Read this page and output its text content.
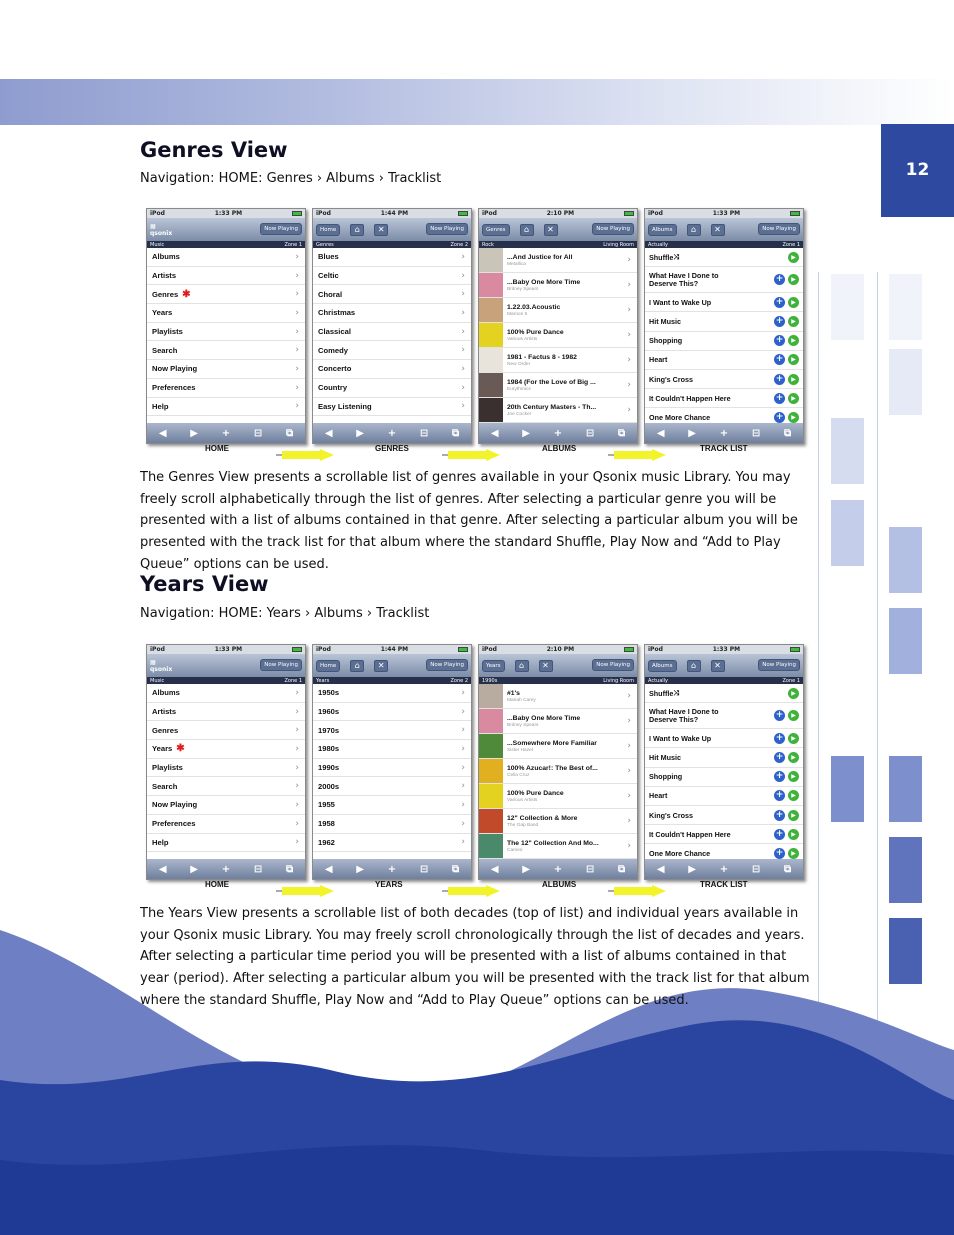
12
Genres View
Navigation: HOME: Genres › Albums › Tracklist
iPod	1:33 PM
▦
qsonix
Now Playing
Music	Zone 1
Albums	›
Artists	›
Genres ✱	›
Years	›
Playlists	›
Search	›
Now Playing	›
Preferences	›
Help	›
◀ ▶ + ⊟ ⧉
iPod	1:44 PM
Home	⌂	✕	Now Playing
Genres	Zone 2
Blues	›
Celtic	›
Choral	›
Christmas	›
Classical	›
Comedy	›
Concerto	›
Country	›
Easy Listening	›
◀ ▶ + ⊟ ⧉
iPod	2:10 PM
Genres	⌂	✕	Now Playing
Rock	Living Room
...And Justice for All
Metallica	›
...Baby One More Time
Britney Spears	›
1.22.03.Acoustic
Maroon 5	›
100% Pure Dance
Various Artists	›
1981 - Factus 8 - 1982
New Order	›
1984 (For the Love of Big ...
Eurythmics	›
20th Century Masters - Th...
Joe Cocker	›
◀ ▶ + ⊟ ⧉
iPod	1:33 PM
Albums	⌂	✕	Now Playing
Actually	Zone 1
Shuffle ⤨	▶
What Have I Done to Deserve This?	+	▶
I Want to Wake Up	+	▶
Hit Music	+	▶
Shopping	+	▶
Heart	+	▶
King's Cross	+	▶
It Couldn't Happen Here	+	▶
One More Chance	+	▶
◀ ▶ + ⊟ ⧉
HOME	GENRES	ALBUMS	TRACK LIST
The Genres View presents a scrollable list of genres available in your Qsonix music Library. You may freely scroll alphabetically through the list of genres. After selecting a particular genre you will be presented with a list of albums contained in that genre. After selecting a particular album you will be presented with the track list for that album where the standard Shuffle, Play Now and “Add to Play Queue” options can be used.
Years View
Navigation: HOME: Years › Albums › Tracklist
iPod	1:33 PM
▦
qsonix
Now Playing
Music	Zone 1
Albums	›
Artists	›
Genres	›
Years ✱	›
Playlists	›
Search	›
Now Playing	›
Preferences	›
Help	›
◀ ▶ + ⊟ ⧉
iPod	1:44 PM
Home	⌂	✕	Now Playing
Years	Zone 2
1950s	›
1960s	›
1970s	›
1980s	›
1990s	›
2000s	›
1955	›
1958	›
1962	›
◀ ▶ + ⊟ ⧉
iPod	2:10 PM
Years	⌂	✕	Now Playing
1990s	Living Room
#1's
Mariah Carey	›
...Baby One More Time
Britney Spears	›
...Somewhere More Familiar
Sister Hazel	›
100% Azucar!: The Best of...
Celia Cruz	›
100% Pure Dance
Various Artists	›
12" Collection & More
The Gap Band	›
The 12" Collection And Mo...
Cameo	›
◀ ▶ + ⊟ ⧉
iPod	1:33 PM
Albums	⌂	✕	Now Playing
Actually	Zone 1
Shuffle ⤨	▶
What Have I Done to Deserve This?	+	▶
I Want to Wake Up	+	▶
Hit Music	+	▶
Shopping	+	▶
Heart	+	▶
King's Cross	+	▶
It Couldn't Happen Here	+	▶
One More Chance	+	▶
◀ ▶ + ⊟ ⧉
HOME	YEARS	ALBUMS	TRACK LIST
The Years View presents a scrollable list of both decades (top of list) and individual years available in your Qsonix music Library. You may freely scroll chronologically through the list of decades and years. After selecting a particular time period you will be presented with a list of albums contained in that year (period). After selecting a particular album you will be presented with the track list for that album where the standard Shuffle, Play Now and “Add to Play Queue” options can be used.
